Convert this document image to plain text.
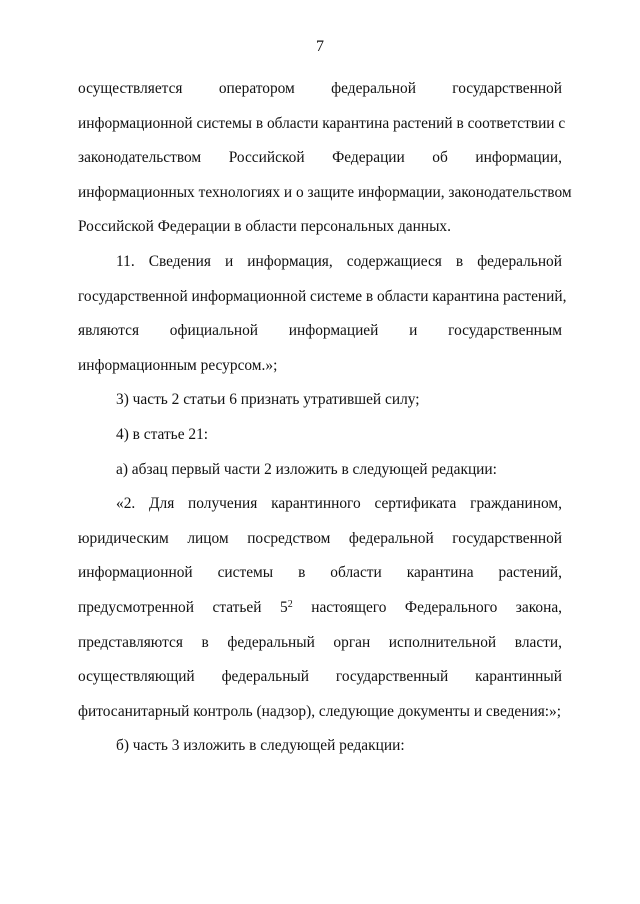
7
осуществляется оператором федеральной государственной
информационной системы в области карантина растений в соответствии с
законодательством Российской Федерации об информации,
информационных технологиях и о защите информации, законодательством
Российской Федерации в области персональных данных.
11. Сведения и информация, содержащиеся в федеральной
государственной информационной системе в области карантина растений,
являются официальной информацией и государственным
информационным ресурсом.»;
3) часть 2 статьи 6 признать утратившей силу;
4) в статье 21:
а) абзац первый части 2 изложить в следующей редакции:
«2. Для получения карантинного сертификата гражданином,
юридическим лицом посредством федеральной государственной
информационной системы в области карантина растений,
предусмотренной статьей $5^2$ настоящего Федерального закона,
представляются в федеральный орган исполнительной власти,
осуществляющий федеральный государственный карантинный
фитосанитарный контроль (надзор), следующие документы и сведения:»;
б) часть 3 изложить в следующей редакции:
